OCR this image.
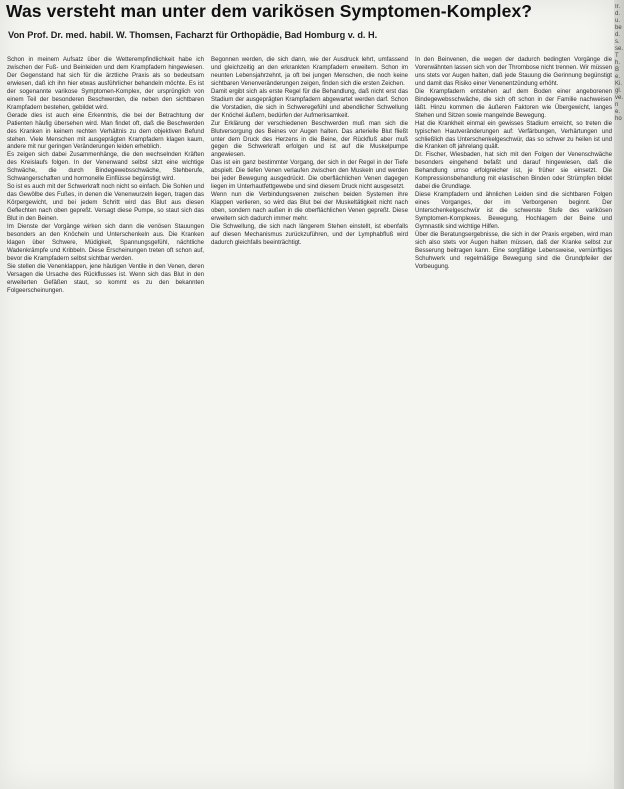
Was versteht man unter dem varikösen Symptomen-Komplex?
Von Prof. Dr. med. habil. W. Thomsen, Facharzt für Orthopädie, Bad Homburg v. d. H.

Schon in meinem Aufsatz über die Wetterempfindlichkeit habe ich zwischen der Fuß- und Beinleiden und dem Krampfadern hingewiesen. Der Gegenstand hat sich für die ärztliche Praxis als so bedeutsam erwiesen, daß ich ihn hier etwas ausführlicher behandeln möchte. Es ist der sogenannte varikose Symptomen-Komplex, der ursprünglich von einem Teil der besonderen Beschwerden, die neben den sichtbaren Krampfadern bestehen, gebildet wird.

Gerade dies ist auch eine Erkenntnis, die bei der Betrachtung der Patienten häufig übersehen wird. Man findet oft, daß die Beschwerden des Kranken in keinem rechten Verhältnis zu dem objektiven Befund stehen. Viele Menschen mit ausgeprägten Krampfadern klagen kaum, andere mit nur geringen Veränderungen leiden erheblich.

Es zeigen sich dabei Zusammenhänge, die den wechselnden Kräften des Kreislaufs folgen. In der Venenwand selbst sitzt eine wichtige Schwäche, die durch Bindegewebsschwäche, Stehberufe, Schwangerschaften und hormonelle Einflüsse begünstigt wird.

So ist es auch mit der Schwerkraft noch nicht so einfach. Die Sohlen und das Gewölbe des Fußes, in denen die Venenwurzeln liegen, tragen das Körpergewicht, und bei jedem Schritt wird das Blut aus diesen Geflechten nach oben gepreßt. Versagt diese Pumpe, so staut sich das Blut in den Beinen.

Im Dienste der Vorgänge wirken sich dann die venösen Stauungen besonders an den Knöcheln und Unterschenkeln aus. Die Kranken klagen über Schwere, Müdigkeit, Spannungsgefühl, nächtliche Wadenkrämpfe und Kribbeln. Diese Erscheinungen treten oft schon auf, bevor die Krampfadern selbst sichtbar werden.

Sie stellen die Venenklappen, jene häutigen Ventile in den Venen, deren Versagen die Ursache des Rückflusses ist. Wenn sich das Blut in den erweiterten Gefäßen staut, so kommt es zu den bekannten Folgeerscheinungen.

Begonnen werden, die sich dann, wie der Ausdruck lehrt, umfassend und gleichzeitig an den erkrankten Krampfadern erweitern. Schon im neunten Lebensjahrzehnt, ja oft bei jungen Menschen, die noch keine sichtbaren Venenveränderungen zeigen, finden sich die ersten Zeichen.

Damit ergibt sich als erste Regel für die Behandlung, daß nicht erst das Stadium der ausgeprägten Krampfadern abgewartet werden darf. Schon die Vorstadien, die sich in Schweregefühl und abendlicher Schwellung der Knöchel äußern, bedürfen der Aufmerksamkeit.

Zur Erklärung der verschiedenen Beschwerden muß man sich die Blutversorgung des Beines vor Augen halten. Das arterielle Blut fließt unter dem Druck des Herzens in die Beine, der Rückfluß aber muß gegen die Schwerkraft erfolgen und ist auf die Muskelpumpe angewiesen.

Das ist ein ganz bestimmter Vorgang, der sich in der Regel in der Tiefe abspielt. Die tiefen Venen verlaufen zwischen den Muskeln und werden bei jeder Bewegung ausgedrückt. Die oberflächlichen Venen dagegen liegen im Unterhautfettgewebe und sind diesem Druck nicht ausgesetzt.

Wenn nun die Verbindungsvenen zwischen beiden Systemen ihre Klappen verlieren, so wird das Blut bei der Muskeltätigkeit nicht nach oben, sondern nach außen in die oberflächlichen Venen gepreßt. Diese erweitern sich dadurch immer mehr.

Die Schwellung, die sich nach längerem Stehen einstellt, ist ebenfalls auf diesen Mechanismus zurückzuführen, und der Lymphabfluß wird dadurch gleichfalls beeinträchtigt.

In den Beinvenen, die wegen der dadurch bedingten Vorgänge die Vorerwähnten lassen sich von der Thrombose nicht trennen. Wir müssen uns stets vor Augen halten, daß jede Stauung die Gerinnung begünstigt und damit das Risiko einer Venenentzündung erhöht.

Die Krampfadern entstehen auf dem Boden einer angeborenen Bindegewebsschwäche, die sich oft schon in der Familie nachweisen läßt. Hinzu kommen die äußeren Faktoren wie Übergewicht, langes Stehen und Sitzen sowie mangelnde Bewegung.

Hat die Krankheit einmal ein gewisses Stadium erreicht, so treten die typischen Hautveränderungen auf: Verfärbungen, Verhärtungen und schließlich das Unterschenkelgeschwür, das so schwer zu heilen ist und die Kranken oft jahrelang quält.

Dr. Fischer, Wiesbaden, hat sich mit den Folgen der Venenschwäche besonders eingehend befaßt und darauf hingewiesen, daß die Behandlung umso erfolgreicher ist, je früher sie einsetzt. Die Kompressionsbehandlung mit elastischen Binden oder Strümpfen bildet dabei die Grundlage.

Diese Krampfadern und ähnlichen Leiden sind die sichtbaren Folgen eines Vorganges, der im Verborgenen beginnt. Der Unterschenkelgeschwür ist die schwerste Stufe des varikösen Symptomen-Komplexes. Bewegung, Hochlagern der Beine und Gymnastik sind wichtige Hilfen.

Über die Beratungsergebnisse, die sich in der Praxis ergeben, wird man sich also stets vor Augen halten müssen, daß der Kranke selbst zur Besserung beitragen kann. Eine sorgfältige Lebensweise, vernünftiges Schuhwerk und regelmäßige Bewegung sind die Grundpfeiler der Vorbeugung.

Ir. d. u. be d. s. se. Th. Be. Ki. gl. ve. ne. ho
